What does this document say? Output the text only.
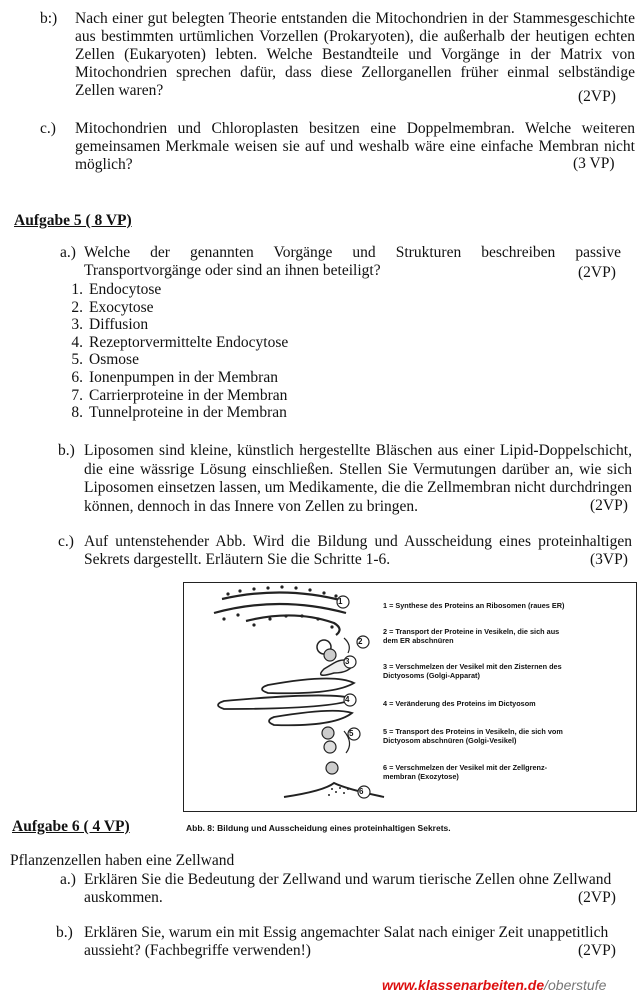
b:) Nach einer gut belegten Theorie entstanden die Mitochondrien in der Stammesgeschichte aus bestimmten urtümlichen Vorzellen (Prokaryoten), die außerhalb der heutigen echten Zellen (Eukaryoten) lebten. Welche Bestandteile und Vorgänge in der Matrix von Mitochondrien sprechen dafür, dass diese Zellorganellen früher einmal selbständige Zellen waren?	(2VP)
c.) Mitochondrien und Chloroplasten besitzen eine Doppelmembran. Welche weiteren gemeinsamen Merkmale weisen sie auf und weshalb wäre eine einfache Membran nicht möglich?	(3 VP)
Aufgabe 5 ( 8 VP)
a.) Welche der genannten Vorgänge und Strukturen beschreiben passive Transportvorgänge oder sind an ihnen beteiligt?	(2VP)
1. Endocytose
2. Exocytose
3. Diffusion
4. Rezeptorvermittelte Endocytose
5. Osmose
6. Ionenpumpen in der Membran
7. Carrierproteine in der Membran
8. Tunnelproteine in der Membran
b.) Liposomen sind kleine, künstlich hergestellte Bläschen aus einer Lipid-Doppelschicht, die eine wässrige Lösung einschließen. Stellen Sie Vermutungen darüber an, wie sich Liposomen einsetzen lassen, um Medikamente, die die Zellmembran nicht durchdringen können, dennoch in das Innere von Zellen zu bringen.	(2VP)
c.) Auf untenstehender Abb. Wird die Bildung und Ausscheidung eines proteinhaltigen Sekrets dargestellt. Erläutern Sie die Schritte 1-6.	(3VP)
1
2
3
4
5
6
1 = Synthese des Proteins an Ribosomen (raues ER)
2 = Transport der Proteine in Vesikeln, die sich aus dem ER abschnüren
3 = Verschmelzen der Vesikel mit den Zisternen des Dictyosoms (Golgi-Apparat)
4 = Veränderung des Proteins im Dictyosom
5 = Transport des Proteins in Vesikeln, die sich vom Dictyosom abschnüren (Golgi-Vesikel)
6 = Verschmelzen der Vesikel mit der Zellgrenz-membran (Exozytose)
Aufgabe 6 ( 4 VP)	Abb. 8: Bildung und Ausscheidung eines proteinhaltigen Sekrets.
Pflanzenzellen haben eine Zellwand
a.) Erklären Sie die Bedeutung der Zellwand und warum tierische Zellen ohne Zellwand auskommen.	(2VP)
b.) Erklären Sie, warum ein mit Essig angemachter Salat nach einiger Zeit unappetitlich aussieht? (Fachbegriffe verwenden!)	(2VP)
www.klassenarbeiten.de/oberstufe
